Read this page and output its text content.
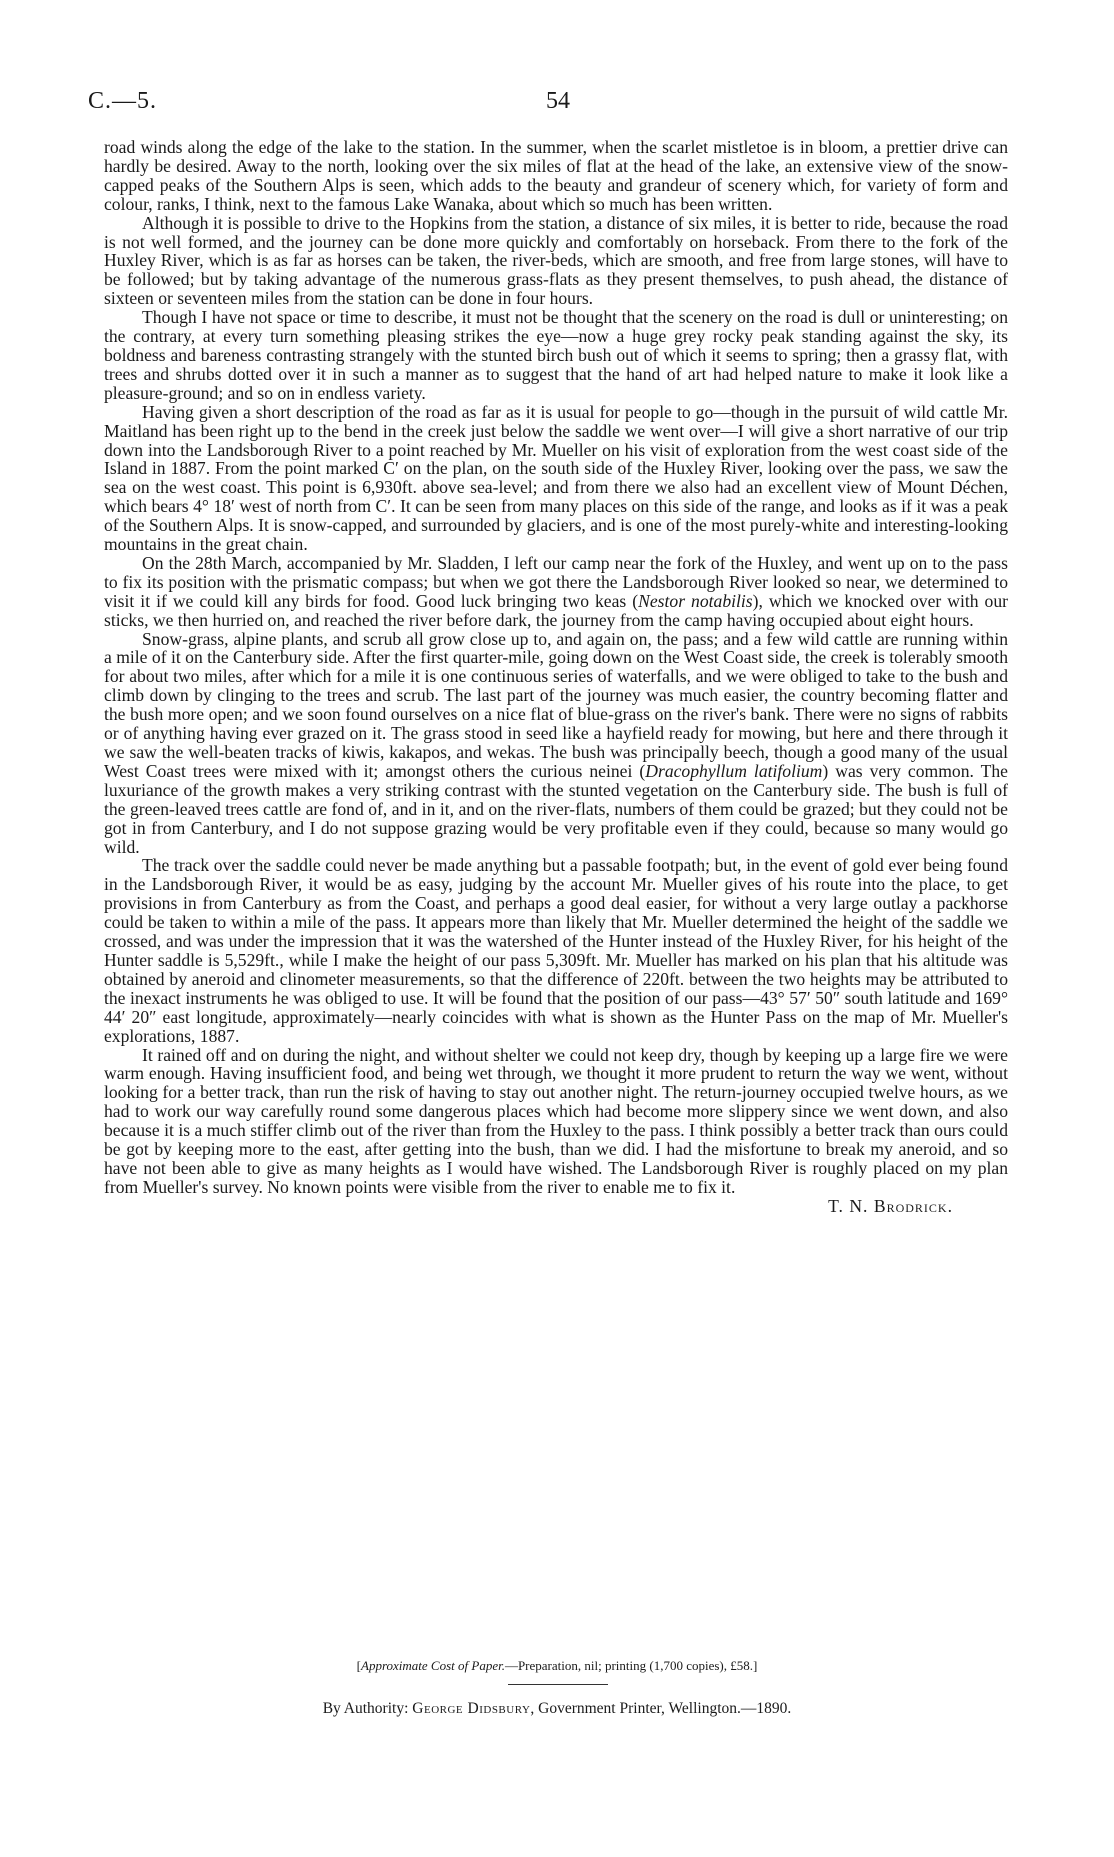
C.—5.	54

road winds along the edge of the lake to the station. In the summer, when the scarlet mistletoe is in bloom, a prettier drive can hardly be desired. Away to the north, looking over the six miles of flat at the head of the lake, an extensive view of the snow-capped peaks of the Southern Alps is seen, which adds to the beauty and grandeur of scenery which, for variety of form and colour, ranks, I think, next to the famous Lake Wanaka, about which so much has been written.

Although it is possible to drive to the Hopkins from the station, a distance of six miles, it is better to ride, because the road is not well formed, and the journey can be done more quickly and comfortably on horseback. From there to the fork of the Huxley River, which is as far as horses can be taken, the river-beds, which are smooth, and free from large stones, will have to be followed; but by taking advantage of the numerous grass-flats as they present themselves, to push ahead, the distance of sixteen or seventeen miles from the station can be done in four hours.

Though I have not space or time to describe, it must not be thought that the scenery on the road is dull or uninteresting; on the contrary, at every turn something pleasing strikes the eye—now a huge grey rocky peak standing against the sky, its boldness and bareness contrasting strangely with the stunted birch bush out of which it seems to spring; then a grassy flat, with trees and shrubs dotted over it in such a manner as to suggest that the hand of art had helped nature to make it look like a pleasure-ground; and so on in endless variety.

Having given a short description of the road as far as it is usual for people to go—though in the pursuit of wild cattle Mr. Maitland has been right up to the bend in the creek just below the saddle we went over—I will give a short narrative of our trip down into the Landsborough River to a point reached by Mr. Mueller on his visit of exploration from the west coast side of the Island in 1887. From the point marked C′ on the plan, on the south side of the Huxley River, looking over the pass, we saw the sea on the west coast. This point is 6,930ft. above sea-level; and from there we also had an excellent view of Mount Déchen, which bears 4° 18′ west of north from C′. It can be seen from many places on this side of the range, and looks as if it was a peak of the Southern Alps. It is snow-capped, and surrounded by glaciers, and is one of the most purely-white and interesting-looking mountains in the great chain.

On the 28th March, accompanied by Mr. Sladden, I left our camp near the fork of the Huxley, and went up on to the pass to fix its position with the prismatic compass; but when we got there the Landsborough River looked so near, we determined to visit it if we could kill any birds for food. Good luck bringing two keas (Nestor notabilis), which we knocked over with our sticks, we then hurried on, and reached the river before dark, the journey from the camp having occupied about eight hours.

Snow-grass, alpine plants, and scrub all grow close up to, and again on, the pass; and a few wild cattle are running within a mile of it on the Canterbury side. After the first quarter-mile, going down on the West Coast side, the creek is tolerably smooth for about two miles, after which for a mile it is one continuous series of waterfalls, and we were obliged to take to the bush and climb down by clinging to the trees and scrub. The last part of the journey was much easier, the country becoming flatter and the bush more open; and we soon found ourselves on a nice flat of blue-grass on the river's bank. There were no signs of rabbits or of anything having ever grazed on it. The grass stood in seed like a hayfield ready for mowing, but here and there through it we saw the well-beaten tracks of kiwis, kakapos, and wekas. The bush was principally beech, though a good many of the usual West Coast trees were mixed with it; amongst others the curious neinei (Dracophyllum latifolium) was very common. The luxuriance of the growth makes a very striking contrast with the stunted vegetation on the Canterbury side. The bush is full of the green-leaved trees cattle are fond of, and in it, and on the river-flats, numbers of them could be grazed; but they could not be got in from Canterbury, and I do not suppose grazing would be very profitable even if they could, because so many would go wild.

The track over the saddle could never be made anything but a passable footpath; but, in the event of gold ever being found in the Landsborough River, it would be as easy, judging by the account Mr. Mueller gives of his route into the place, to get provisions in from Canterbury as from the Coast, and perhaps a good deal easier, for without a very large outlay a packhorse could be taken to within a mile of the pass. It appears more than likely that Mr. Mueller determined the height of the saddle we crossed, and was under the impression that it was the watershed of the Hunter instead of the Huxley River, for his height of the Hunter saddle is 5,529ft., while I make the height of our pass 5,309ft. Mr. Mueller has marked on his plan that his altitude was obtained by aneroid and clinometer measurements, so that the difference of 220ft. between the two heights may be attributed to the inexact instruments he was obliged to use. It will be found that the position of our pass—43° 57′ 50″ south latitude and 169° 44′ 20″ east longitude, approximately—nearly coincides with what is shown as the Hunter Pass on the map of Mr. Mueller's explorations, 1887.

It rained off and on during the night, and without shelter we could not keep dry, though by keeping up a large fire we were warm enough. Having insufficient food, and being wet through, we thought it more prudent to return the way we went, without looking for a better track, than run the risk of having to stay out another night. The return-journey occupied twelve hours, as we had to work our way carefully round some dangerous places which had become more slippery since we went down, and also because it is a much stiffer climb out of the river than from the Huxley to the pass. I think possibly a better track than ours could be got by keeping more to the east, after getting into the bush, than we did. I had the misfortune to break my aneroid, and so have not been able to give as many heights as I would have wished. The Landsborough River is roughly placed on my plan from Mueller's survey. No known points were visible from the river to enable me to fix it.

T. N. Brodrick.

[Approximate Cost of Paper.—Preparation, nil; printing (1,700 copies), £58.]
By Authority: George Didsbury, Government Printer, Wellington.—1890.
